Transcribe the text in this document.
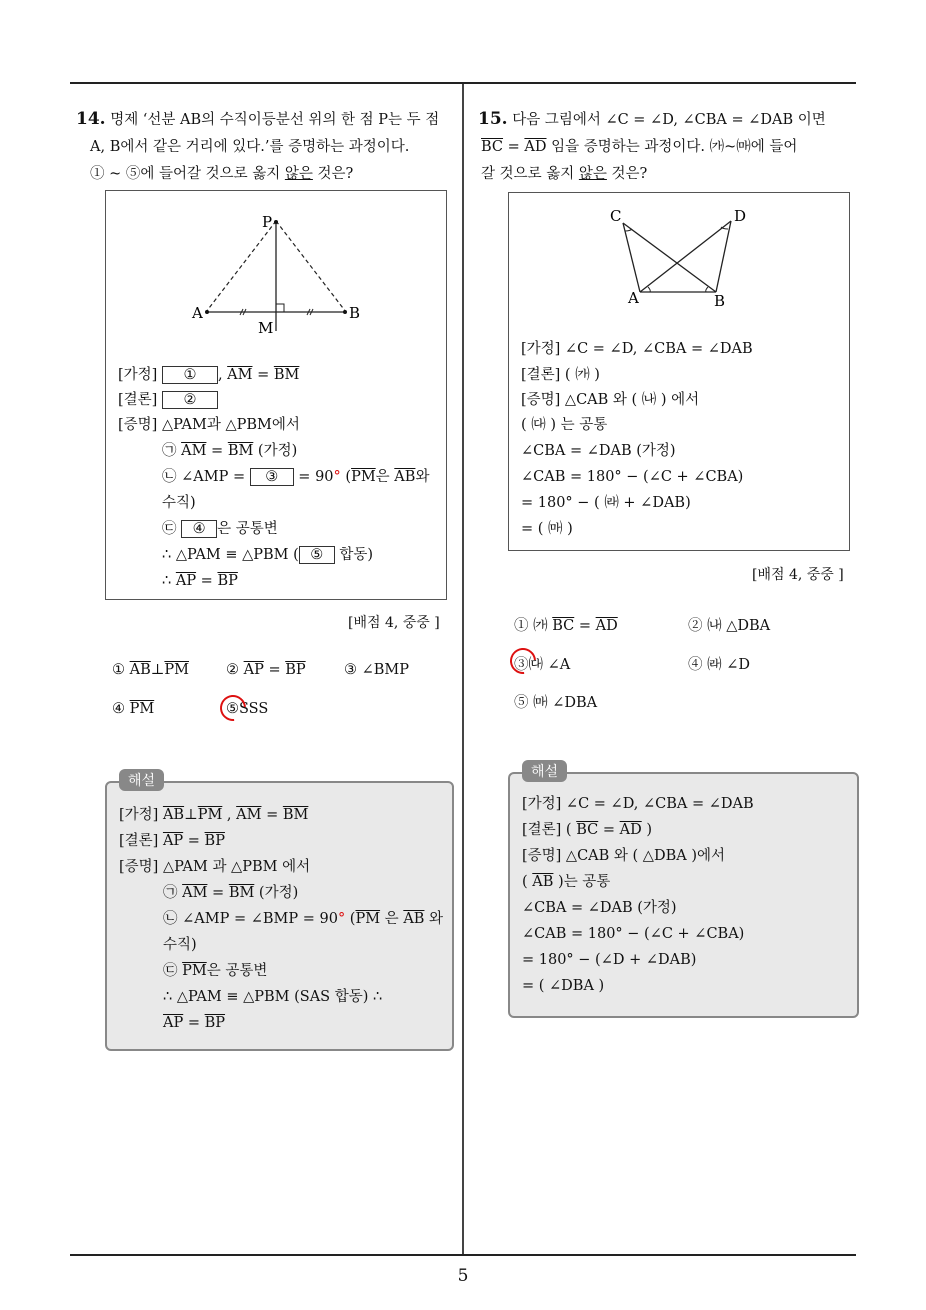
5
14. 명제 ‘선분 AB의 수직이등분선 위의 한 점 P는 두 점
A, B에서 같은 거리에 있다.’를 증명하는 과정이다.
① ~ ⑤에 들어갈 것으로 옳지 않은 것은?
P
A	B
M
[가정] ① , $\overline{AM} = \overline{BM}$
[결론] ②
[증명] △PAM과 △PBM에서
㉠ $\overline{AM} = \overline{BM}$ (가정)
㉡ ∠AMP = ③ = 90° ($\overline{PM}$은 $\overline{AB}$와
수직)
㉢ ④ 은 공통변
∴ △PAM ≡ △PBM ( ⑤ 합동)
∴ $\overline{AP} = \overline{BP}$
[배점 4, 중중 ]
① $\overline{AB}\perp\overline{PM}$	② $\overline{AP} = \overline{BP}$	③ ∠BMP
④ $\overline{PM}$	⑤SSS
[가정] $\overline{AB}\perp\overline{PM}$ , $\overline{AM} = \overline{BM}$
[결론] $\overline{AP} = \overline{BP}$
[증명] △PAM 과 △PBM 에서
㉠ $\overline{AM} = \overline{BM}$ (가정)
㉡ ∠AMP = ∠BMP = 90° ($\overline{PM}$ 은 $\overline{AB}$ 와
수직)
㉢ $\overline{PM}$은 공통변
∴ △PAM ≡ △PBM (SAS 합동) ∴
$\overline{AP} = \overline{BP}$
해설
15. 다음 그림에서 ∠C = ∠D, ∠CBA = ∠DAB 이면
$\overline{BC} = \overline{AD}$ 임을 증명하는 과정이다. ㈎~㈒에 들어
갈 것으로 옳지 않은 것은?
C	D
A	B
[가정] ∠C = ∠D, ∠CBA = ∠DAB
[결론] ( ㈎ )
[증명] △CAB 와 ( ㈏ ) 에서
( ㈐ ) 는 공통
∠CBA = ∠DAB (가정)
∠CAB = 180° − (∠C + ∠CBA)
= 180° − ( ㈑ + ∠DAB)
= ( ㈒ )
[배점 4, 중중 ]
① ㈎ $\overline{BC} = \overline{AD}$	② ㈏ △DBA
③㈐ ∠A	④ ㈑ ∠D
⑤ ㈒ ∠DBA
[가정] ∠C = ∠D, ∠CBA = ∠DAB
[결론] ( $\overline{BC} = \overline{AD}$ )
[증명] △CAB 와 ( △DBA )에서
( $\overline{AB}$ )는 공통
∠CBA = ∠DAB (가정)
∠CAB = 180° − (∠C + ∠CBA)
= 180° − (∠D + ∠DAB)
= ( ∠DBA )
해설
